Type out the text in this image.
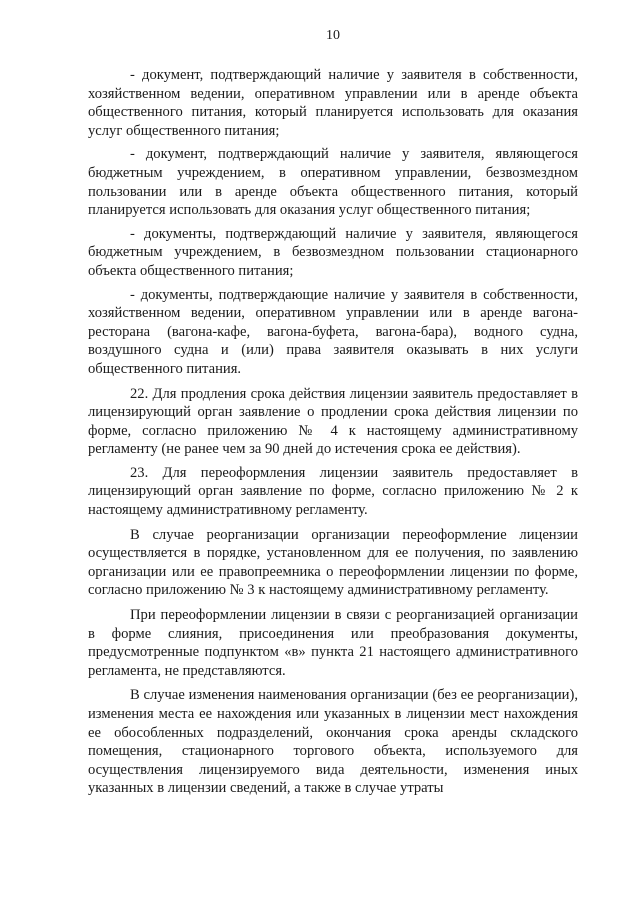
10

- документ, подтверждающий наличие у заявителя в собственности, хозяйственном ведении, оперативном управлении или в аренде объекта общественного питания, который планируется использовать для оказания услуг общественного питания;

- документ, подтверждающий наличие у заявителя, являющегося бюджетным учреждением, в оперативном управлении, безвозмездном пользовании или в аренде объекта общественного питания, который планируется использовать для оказания услуг общественного питания;

- документы, подтверждающий наличие у заявителя, являющегося бюджетным учреждением, в безвозмездном пользовании стационарного объекта общественного питания;

- документы, подтверждающие наличие у заявителя в собственности, хозяйственном ведении, оперативном управлении или в аренде вагона-ресторана (вагона-кафе, вагона-буфета, вагона-бара), водного судна, воздушного судна и (или) права заявителя оказывать в них услуги общественного питания.

22. Для продления срока действия лицензии заявитель предоставляет в лицензирующий орган заявление о продлении срока действия лицензии по форме, согласно приложению № 4 к настоящему административному регламенту (не ранее чем за 90 дней до истечения срока ее действия).

23. Для переоформления лицензии заявитель предоставляет в лицензирующий орган заявление по форме, согласно приложению № 2 к настоящему административному регламенту.

В случае реорганизации организации переоформление лицензии осуществляется в порядке, установленном для ее получения, по заявлению организации или ее правопреемника о переоформлении лицензии по форме, согласно приложению № 3 к настоящему административному регламенту.

При переоформлении лицензии в связи с реорганизацией организации в форме слияния, присоединения или преобразования документы, предусмотренные подпунктом «в» пункта 21 настоящего административного регламента, не представляются.

В случае изменения наименования организации (без ее реорганизации), изменения места ее нахождения или указанных в лицензии мест нахождения ее обособленных подразделений, окончания срока аренды складского помещения, стационарного торгового объекта, используемого для осуществления лицензируемого вида деятельности, изменения иных указанных в лицензии сведений, а также в случае утраты
